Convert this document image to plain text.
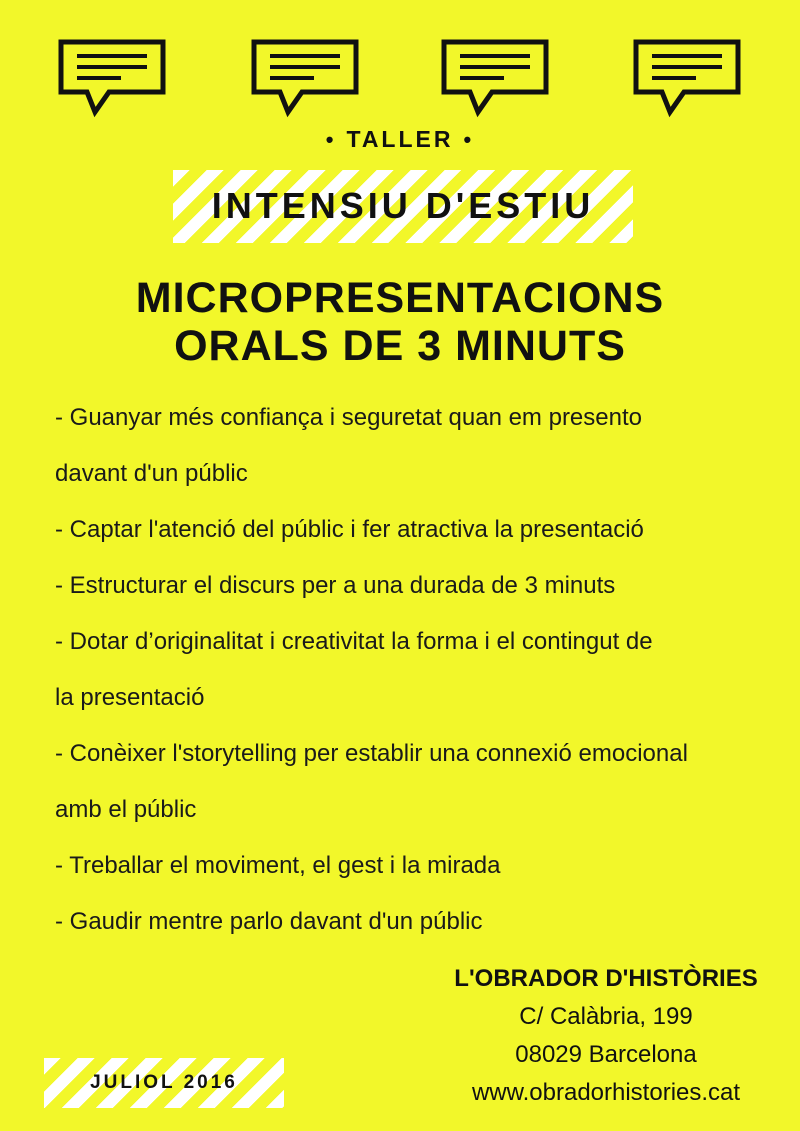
• TALLER •
INTENSIU D'ESTIU
MICROPRESENTACIONS
ORALS DE 3 MINUTS
- Guanyar més confiança i seguretat quan em presento
davant d'un públic
- Captar l'atenció del públic i fer atractiva la presentació
- Estructurar el discurs per a una durada de 3 minuts
- Dotar d’originalitat i creativitat la forma i el contingut de
la presentació
- Conèixer l'storytelling per establir una connexió emocional
amb el públic
- Treballar el moviment, el gest i la mirada
- Gaudir mentre parlo davant d'un públic
L'OBRADOR D'HISTÒRIES
C/ Calàbria, 199
08029 Barcelona
www.obradorhistories.cat
JULIOL 2016
